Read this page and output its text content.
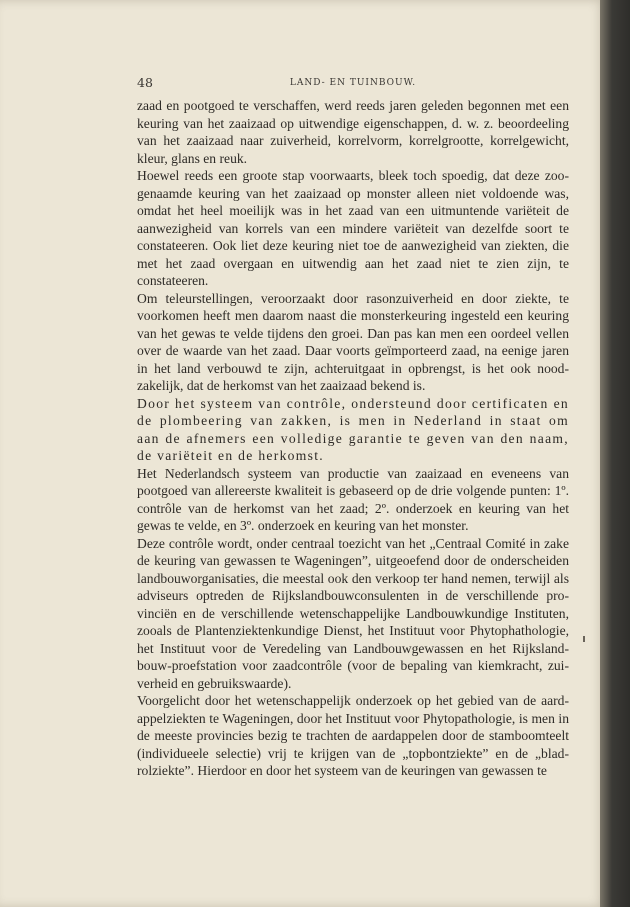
48	LAND- EN TUINBOUW.

zaad en pootgoed te verschaffen, werd reeds jaren geleden begonnen met een keuring van het zaaizaad op uitwendige eigenschappen, d. w. z. beoordeeling van het zaaizaad naar zuiverheid, korrelvorm, korrelgrootte, korrelgewicht, kleur, glans en reuk.

Hoewel reeds een groote stap voorwaarts, bleek toch spoedig, dat deze zoogenaamde keuring van het zaaizaad op monster alleen niet voldoende was, omdat het heel moeilijk was in het zaad van een uitmuntende variëteit de aanwezigheid van korrels van een mindere variëteit van dezelfde soort te constateeren. Ook liet deze keuring niet toe de aanwezigheid van ziekten, die met het zaad overgaan en uitwendig aan het zaad niet te zien zijn, te constateeren.

Om teleurstellingen, veroorzaakt door rasonzuiverheid en door ziekte, te voorkomen heeft men daarom naast die monsterkeuring ingesteld een keuring van het gewas te velde tijdens den groei. Dan pas kan men een oordeel vellen over de waarde van het zaad. Daar voorts geïmporteerd zaad, na eenige jaren in het land verbouwd te zijn, achteruitgaat in opbrengst, is het ook noodzakelijk, dat de herkomst van het zaaizaad bekend is.

Door het systeem van contrôle, ondersteund door certificaten en de plombeering van zakken, is men in Nederland in staat om aan de afnemers een volledige garantie te geven van den naam, de variëteit en de herkomst.

Het Nederlandsch systeem van productie van zaaizaad en eveneens van pootgoed van allereerste kwaliteit is gebaseerd op de drie volgende punten: 1º. contrôle van de herkomst van het zaad; 2º. onderzoek en keuring van het gewas te velde, en 3º. onderzoek en keuring van het monster.

Deze contrôle wordt, onder centraal toezicht van het „Centraal Comité in zake de keuring van gewassen te Wageningen”, uitgeoefend door de onderscheiden landbouworganisaties, die meestal ook den verkoop ter hand nemen, terwijl als adviseurs optreden de Rijkslandbouwconsulenten in de verschillende provinciën en de verschillende wetenschappelijke Landbouwkundige Instituten, zooals de Plantenziektenkundige Dienst, het Instituut voor Phytophathologie, het Instituut voor de Veredeling van Landbouwgewassen en het Rijkslandbouw-proefstation voor zaadcontrôle (voor de bepaling van kiemkracht, zuiverheid en gebruikswaarde).

Voorgelicht door het wetenschappelijk onderzoek op het gebied van de aardappelziekten te Wageningen, door het Instituut voor Phytopathologie, is men in de meeste provincies bezig te trachten de aardappelen door de stamboomteelt (individueele selectie) vrij te krijgen van de „topbontziekte” en de „bladrolziekte”. Hierdoor en door het systeem van de keuringen van gewassen te
